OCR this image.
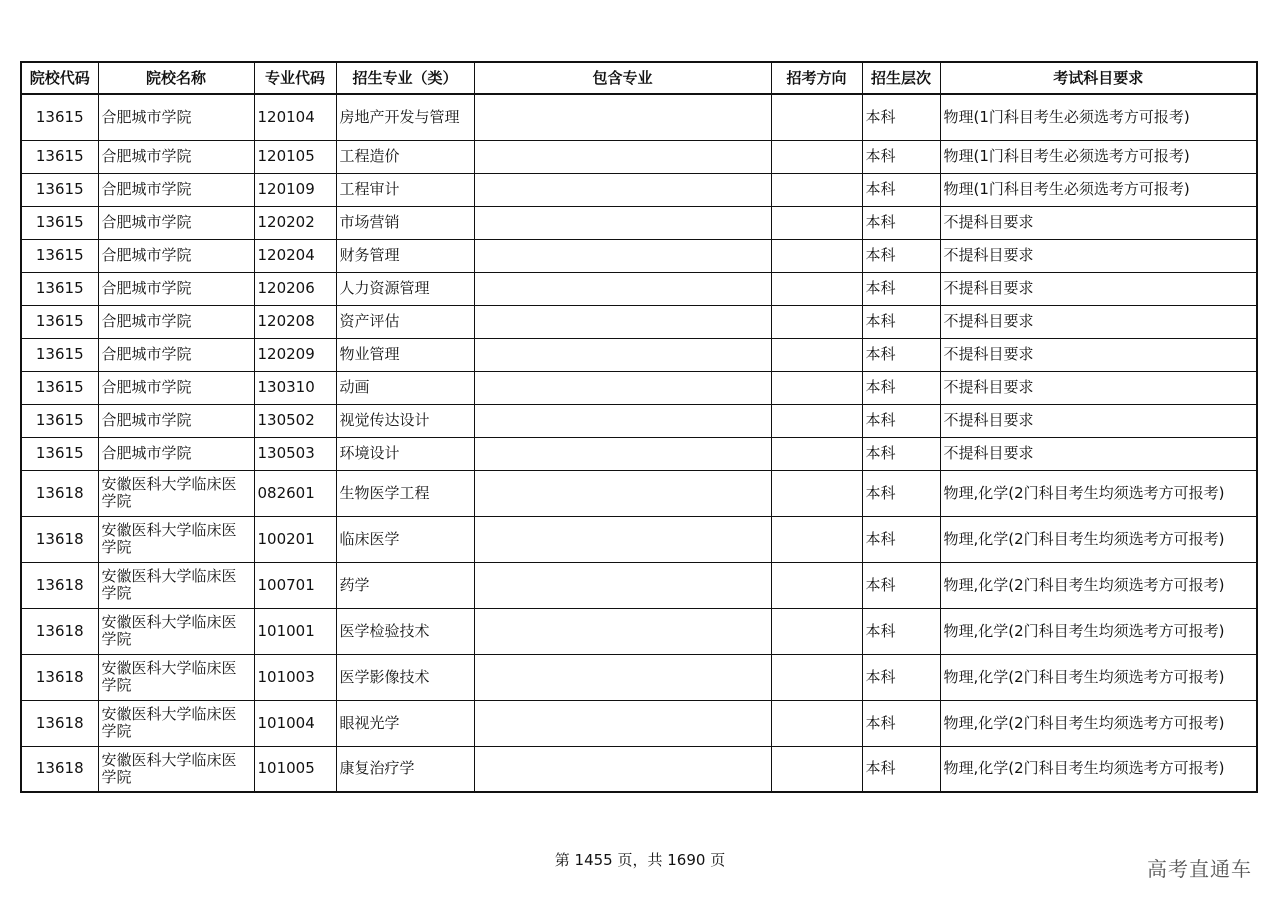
院校代码	院校名称	专业代码	招生专业（类）	包含专业	招考方向	招生层次	考试科目要求
13615	合肥城市学院	120104	房地产开发与管理			本科	物理(1门科目考生必须选考方可报考)
13615	合肥城市学院	120105	工程造价			本科	物理(1门科目考生必须选考方可报考)
13615	合肥城市学院	120109	工程审计			本科	物理(1门科目考生必须选考方可报考)
13615	合肥城市学院	120202	市场营销			本科	不提科目要求
13615	合肥城市学院	120204	财务管理			本科	不提科目要求
13615	合肥城市学院	120206	人力资源管理			本科	不提科目要求
13615	合肥城市学院	120208	资产评估			本科	不提科目要求
13615	合肥城市学院	120209	物业管理			本科	不提科目要求
13615	合肥城市学院	130310	动画			本科	不提科目要求
13615	合肥城市学院	130502	视觉传达设计			本科	不提科目要求
13615	合肥城市学院	130503	环境设计			本科	不提科目要求
13618	安徽医科大学临床医学院	082601	生物医学工程			本科	物理,化学(2门科目考生均须选考方可报考)
13618	安徽医科大学临床医学院	100201	临床医学			本科	物理,化学(2门科目考生均须选考方可报考)
13618	安徽医科大学临床医学院	100701	药学			本科	物理,化学(2门科目考生均须选考方可报考)
13618	安徽医科大学临床医学院	101001	医学检验技术			本科	物理,化学(2门科目考生均须选考方可报考)
13618	安徽医科大学临床医学院	101003	医学影像技术			本科	物理,化学(2门科目考生均须选考方可报考)
13618	安徽医科大学临床医学院	101004	眼视光学			本科	物理,化学(2门科目考生均须选考方可报考)
13618	安徽医科大学临床医学院	101005	康复治疗学			本科	物理,化学(2门科目考生均须选考方可报考)
第 1455 页，共 1690 页	高考直通车
